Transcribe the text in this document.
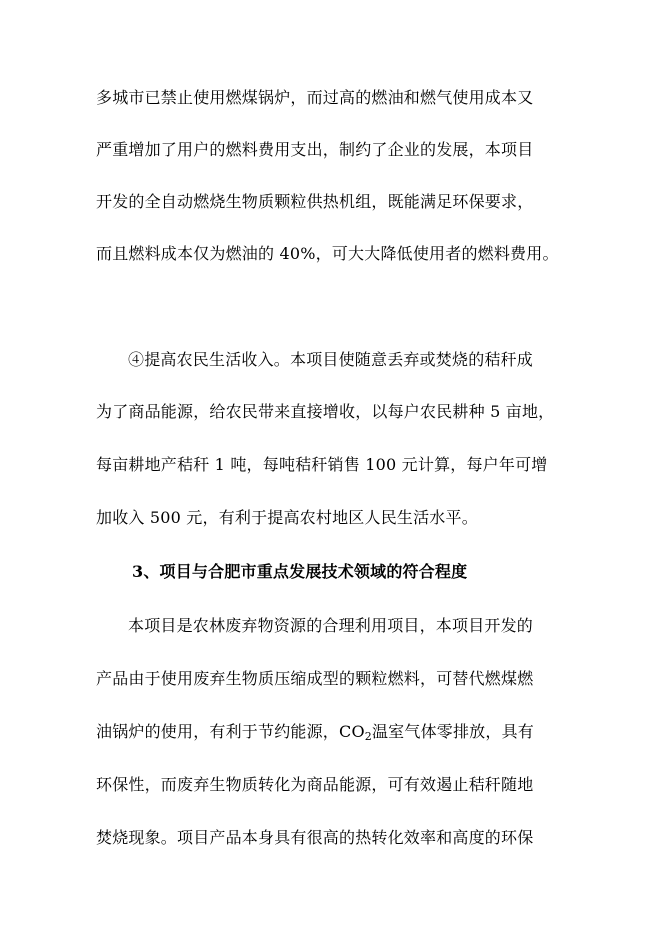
多城市已禁止使用燃煤锅炉，而过高的燃油和燃气使用成本又
严重增加了用户的燃料费用支出，制约了企业的发展，本项目
开发的全自动燃烧生物质颗粒供热机组，既能满足环保要求，
而且燃料成本仅为燃油的 40%，可大大降低使用者的燃料费用。
④提高农民生活收入。本项目使随意丢弃或焚烧的秸秆成
为了商品能源，给农民带来直接增收，以每户农民耕种 5 亩地，
每亩耕地产秸秆 1 吨，每吨秸秆销售 100 元计算，每户年可增
加收入 500 元，有利于提高农村地区人民生活水平。
3、项目与合肥市重点发展技术领域的符合程度
本项目是农林废弃物资源的合理利用项目，本项目开发的
产品由于使用废弃生物质压缩成型的颗粒燃料，可替代燃煤燃
油锅炉的使用，有利于节约能源，$CO_2$温室气体零排放，具有
环保性，而废弃生物质转化为商品能源，可有效遏止秸秆随地
焚烧现象。项目产品本身具有很高的热转化效率和高度的环保
